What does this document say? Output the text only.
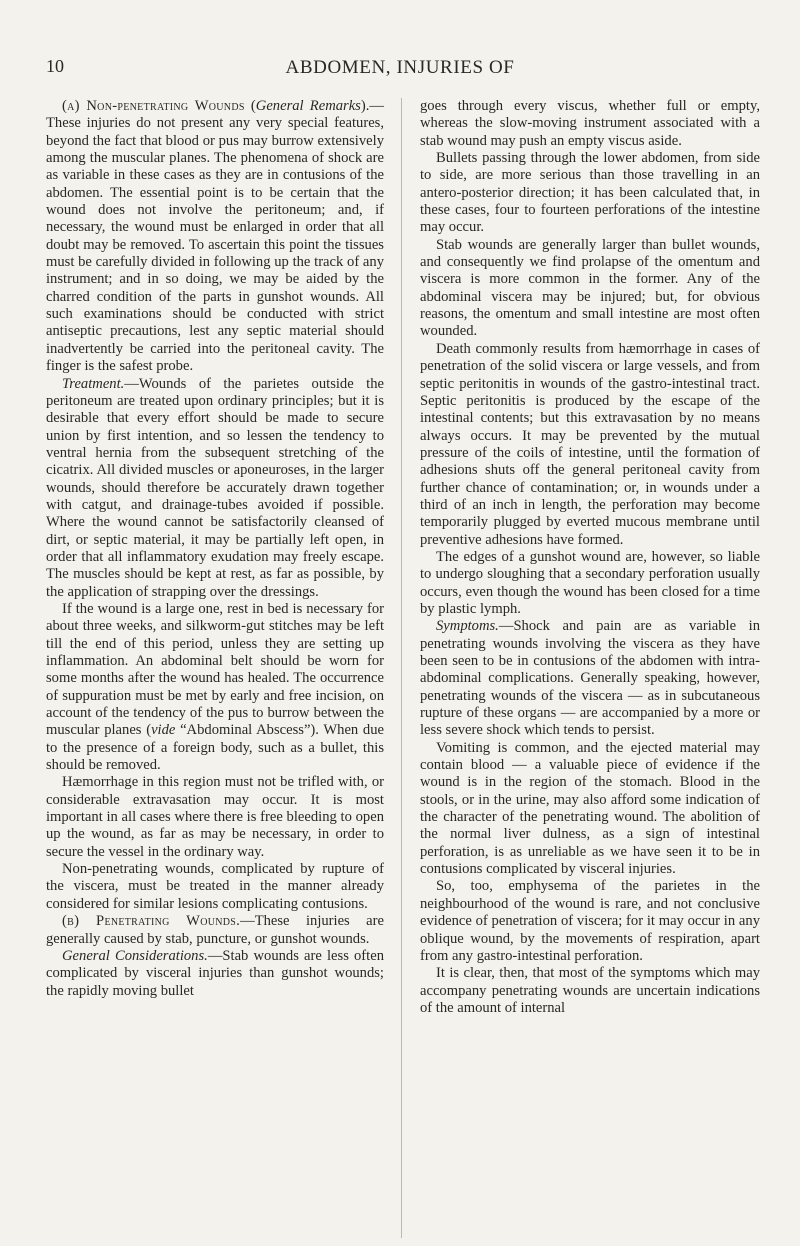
10	ABDOMEN, INJURIES OF

(a) Non-penetrating Wounds (General Remarks).—These injuries do not present any very special features, beyond the fact that blood or pus may burrow extensively among the muscular planes. The phenomena of shock are as variable in these cases as they are in contusions of the abdomen. The essential point is to be certain that the wound does not involve the peritoneum; and, if necessary, the wound must be enlarged in order that all doubt may be removed. To ascertain this point the tissues must be carefully divided in following up the track of any instrument; and in so doing, we may be aided by the charred condition of the parts in gunshot wounds. All such examinations should be conducted with strict antiseptic precautions, lest any septic material should inadvertently be carried into the peritoneal cavity. The finger is the safest probe.

Treatment.—Wounds of the parietes outside the peritoneum are treated upon ordinary principles; but it is desirable that every effort should be made to secure union by first intention, and so lessen the tendency to ventral hernia from the subsequent stretching of the cicatrix. All divided muscles or aponeuroses, in the larger wounds, should therefore be accurately drawn together with catgut, and drainage-tubes avoided if possible. Where the wound cannot be satisfactorily cleansed of dirt, or septic material, it may be partially left open, in order that all inflammatory exudation may freely escape. The muscles should be kept at rest, as far as possible, by the application of strapping over the dressings.

If the wound is a large one, rest in bed is necessary for about three weeks, and silkworm-gut stitches may be left till the end of this period, unless they are setting up inflammation. An abdominal belt should be worn for some months after the wound has healed. The occurrence of suppuration must be met by early and free incision, on account of the tendency of the pus to burrow between the muscular planes (vide “Abdominal Abscess”). When due to the presence of a foreign body, such as a bullet, this should be removed.

Hæmorrhage in this region must not be trifled with, or considerable extravasation may occur. It is most important in all cases where there is free bleeding to open up the wound, as far as may be necessary, in order to secure the vessel in the ordinary way.

Non-penetrating wounds, complicated by rupture of the viscera, must be treated in the manner already considered for similar lesions complicating contusions.

(b) Penetrating Wounds.—These injuries are generally caused by stab, puncture, or gunshot wounds.

General Considerations.—Stab wounds are less often complicated by visceral injuries than gunshot wounds; the rapidly moving bullet

goes through every viscus, whether full or empty, whereas the slow-moving instrument associated with a stab wound may push an empty viscus aside.

Bullets passing through the lower abdomen, from side to side, are more serious than those travelling in an antero-posterior direction; it has been calculated that, in these cases, four to fourteen perforations of the intestine may occur.

Stab wounds are generally larger than bullet wounds, and consequently we find prolapse of the omentum and viscera is more common in the former. Any of the abdominal viscera may be injured; but, for obvious reasons, the omentum and small intestine are most often wounded.

Death commonly results from hæmorrhage in cases of penetration of the solid viscera or large vessels, and from septic peritonitis in wounds of the gastro-intestinal tract. Septic peritonitis is produced by the escape of the intestinal contents; but this extravasation by no means always occurs. It may be prevented by the mutual pressure of the coils of intestine, until the formation of adhesions shuts off the general peritoneal cavity from further chance of contamination; or, in wounds under a third of an inch in length, the perforation may become temporarily plugged by everted mucous membrane until preventive adhesions have formed.

The edges of a gunshot wound are, however, so liable to undergo sloughing that a secondary perforation usually occurs, even though the wound has been closed for a time by plastic lymph.

Symptoms.—Shock and pain are as variable in penetrating wounds involving the viscera as they have been seen to be in contusions of the abdomen with intra-abdominal complications. Generally speaking, however, penetrating wounds of the viscera — as in subcutaneous rupture of these organs — are accompanied by a more or less severe shock which tends to persist.

Vomiting is common, and the ejected material may contain blood — a valuable piece of evidence if the wound is in the region of the stomach. Blood in the stools, or in the urine, may also afford some indication of the character of the penetrating wound. The abolition of the normal liver dulness, as a sign of intestinal perforation, is as unreliable as we have seen it to be in contusions complicated by visceral injuries.

So, too, emphysema of the parietes in the neighbourhood of the wound is rare, and not conclusive evidence of penetration of viscera; for it may occur in any oblique wound, by the movements of respiration, apart from any gastro-intestinal perforation.

It is clear, then, that most of the symptoms which may accompany penetrating wounds are uncertain indications of the amount of internal
